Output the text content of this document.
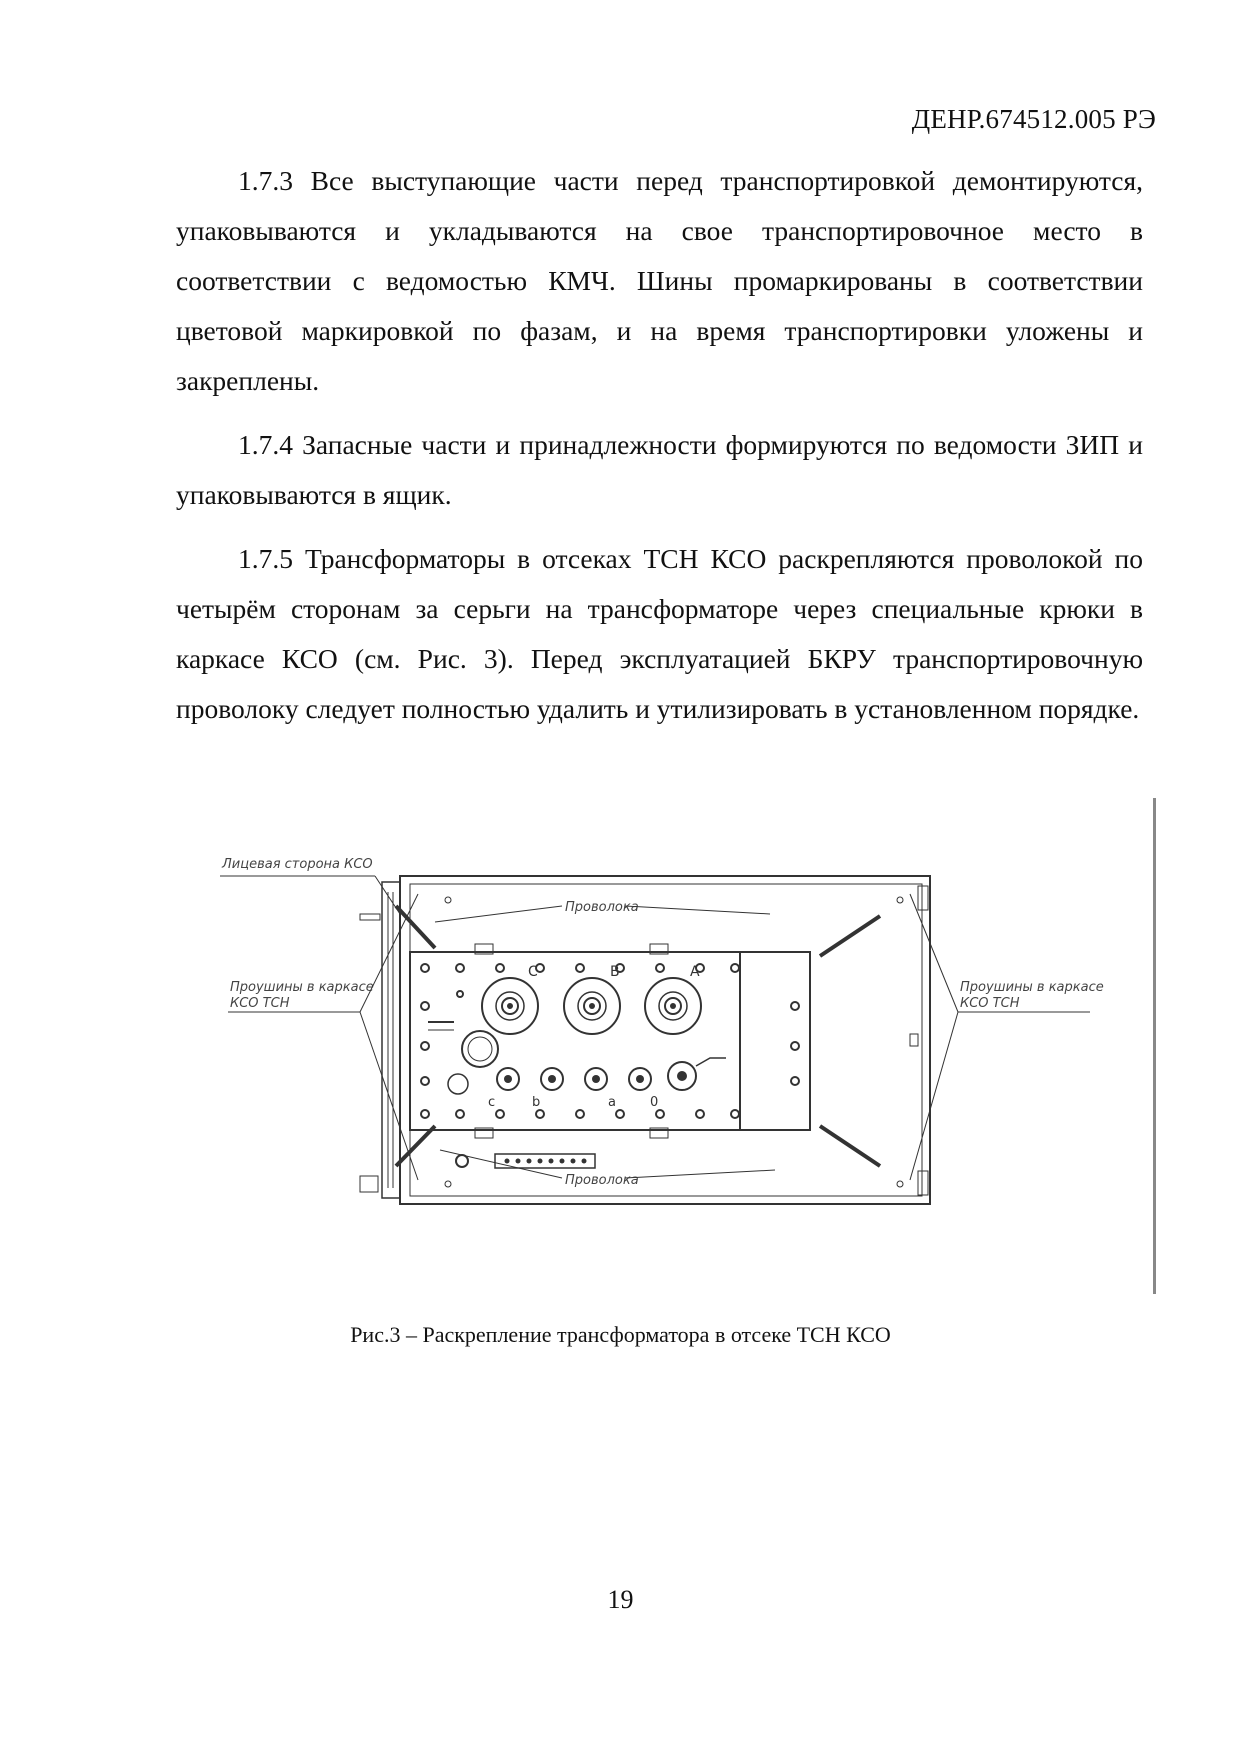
ДЕНР.674512.005 РЭ

1.7.3 Все выступающие части перед транспортировкой демонтируются, упаковываются и укладываются на свое транспортировочное место в соответствии с ведомостью КМЧ. Шины промаркированы в соответствии цветовой маркировкой по фазам, и на время транспортировки уложены и закреплены.

1.7.4 Запасные части и принадлежности формируются по ведомости ЗИП и упаковываются в ящик.

1.7.5 Трансформаторы в отсеках ТСН КСО раскрепляются проволокой по четырём сторонам за серьги на трансформаторе через специальные крюки в каркасе КСО (см. Рис. 3). Перед эксплуатацией БКРУ транспортировочную проволоку следует полностью удалить и утилизировать в установленном порядке.

Лицевая сторона КСО
Проушины в каркасе
КСО ТСН
Проушины в каркасе
КСО ТСН
Проволока
Проволока
C	B	A
c	b	a	0
Рис.3 – Раскрепление трансформатора в отсеке ТСН КСО
19
